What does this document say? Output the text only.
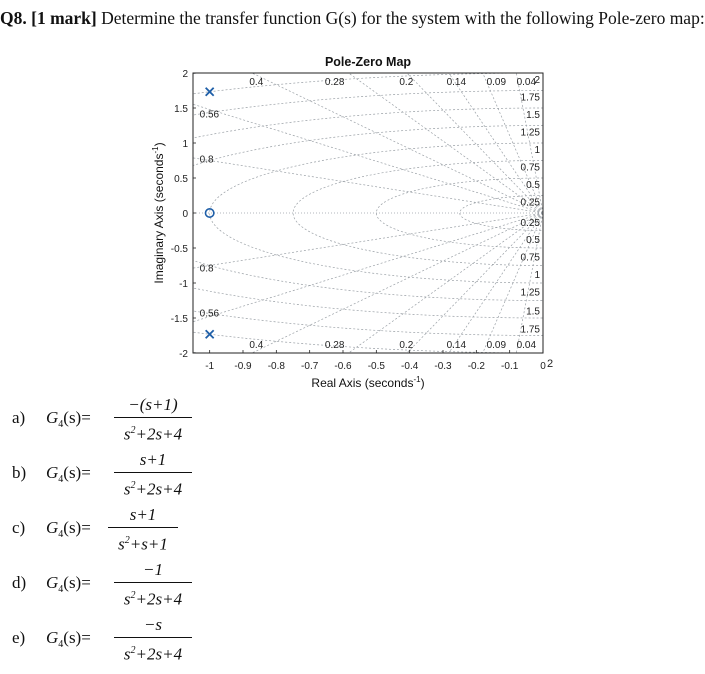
Q8. [1 mark] Determine the transfer function G(s) for the system with the following Pole-zero map:
Pole-Zero Map
-1 -0.9 -0.8 -0.7 -0.6 -0.5 -0.4 -0.3 -0.2 -0.1 0
2
1.5
1
0.5
0
-0.5
-1
-1.5
-2
0.4	0.28	0.2	0.14 0.09 0.04
0.4	0.28	0.2	0.14 0.09 0.04
0.56
0.8
0.8
0.56
2
1.75
1.5
1.25
1
0.75
0.5
0.25
0.25
0.5
0.75
1
1.25
1.5
1.75
2
Real Axis (seconds$^{-1}$)
Imaginary Axis (seconds$^{-1}$)
a) $G_4(s)=$
−(s+1)
$s^2+2s+4$
b) $G_4(s)=$
s+1
$s^2+2s+4$
c) $G_4(s)=$
s+1
$s^2+s+1$
d) $G_4(s)=$
−1
$s^2+2s+4$
e) $G_4(s)=$
−s
$s^2+2s+4$
